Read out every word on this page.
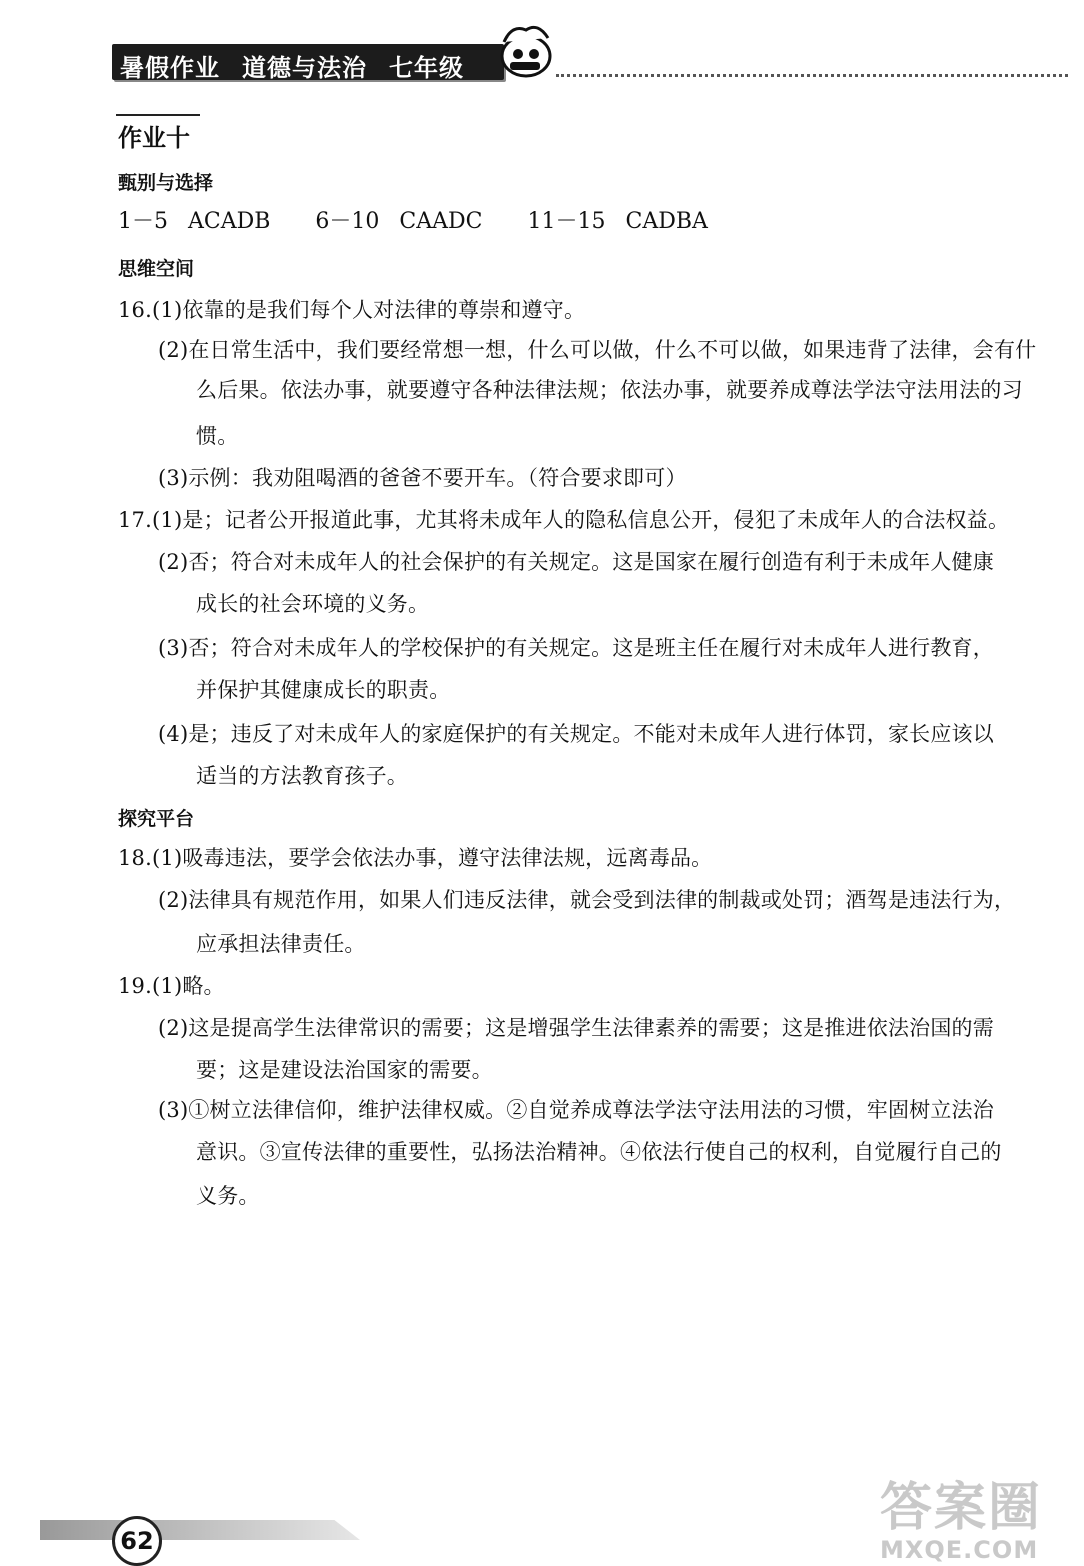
暑假作业 道德与法治 七年级
作业十
甄别与选择
1－5 ACADB 6－10 CAADC 11－15 CADBA
思维空间
16.(1)依靠的是我们每个人对法律的尊崇和遵守。
(2)在日常生活中，我们要经常想一想，什么可以做，什么不可以做，如果违背了法律，会有什
么后果。依法办事，就要遵守各种法律法规；依法办事，就要养成尊法学法守法用法的习
惯。
(3)示例：我劝阻喝酒的爸爸不要开车。（符合要求即可）
17.(1)是；记者公开报道此事，尤其将未成年人的隐私信息公开，侵犯了未成年人的合法权益。
(2)否；符合对未成年人的社会保护的有关规定。这是国家在履行创造有利于未成年人健康
成长的社会环境的义务。
(3)否；符合对未成年人的学校保护的有关规定。这是班主任在履行对未成年人进行教育，
并保护其健康成长的职责。
(4)是；违反了对未成年人的家庭保护的有关规定。不能对未成年人进行体罚，家长应该以
适当的方法教育孩子。
探究平台
18.(1)吸毒违法，要学会依法办事，遵守法律法规，远离毒品。
(2)法律具有规范作用，如果人们违反法律，就会受到法律的制裁或处罚；酒驾是违法行为，
应承担法律责任。
19.(1)略。
(2)这是提高学生法律常识的需要；这是增强学生法律素养的需要；这是推进依法治国的需
要；这是建设法治国家的需要。
(3)①树立法律信仰，维护法律权威。②自觉养成尊法学法守法用法的习惯，牢固树立法治
意识。③宣传法律的重要性，弘扬法治精神。④依法行使自己的权利，自觉履行自己的
义务。
62
答案圈
MXQE.COM
